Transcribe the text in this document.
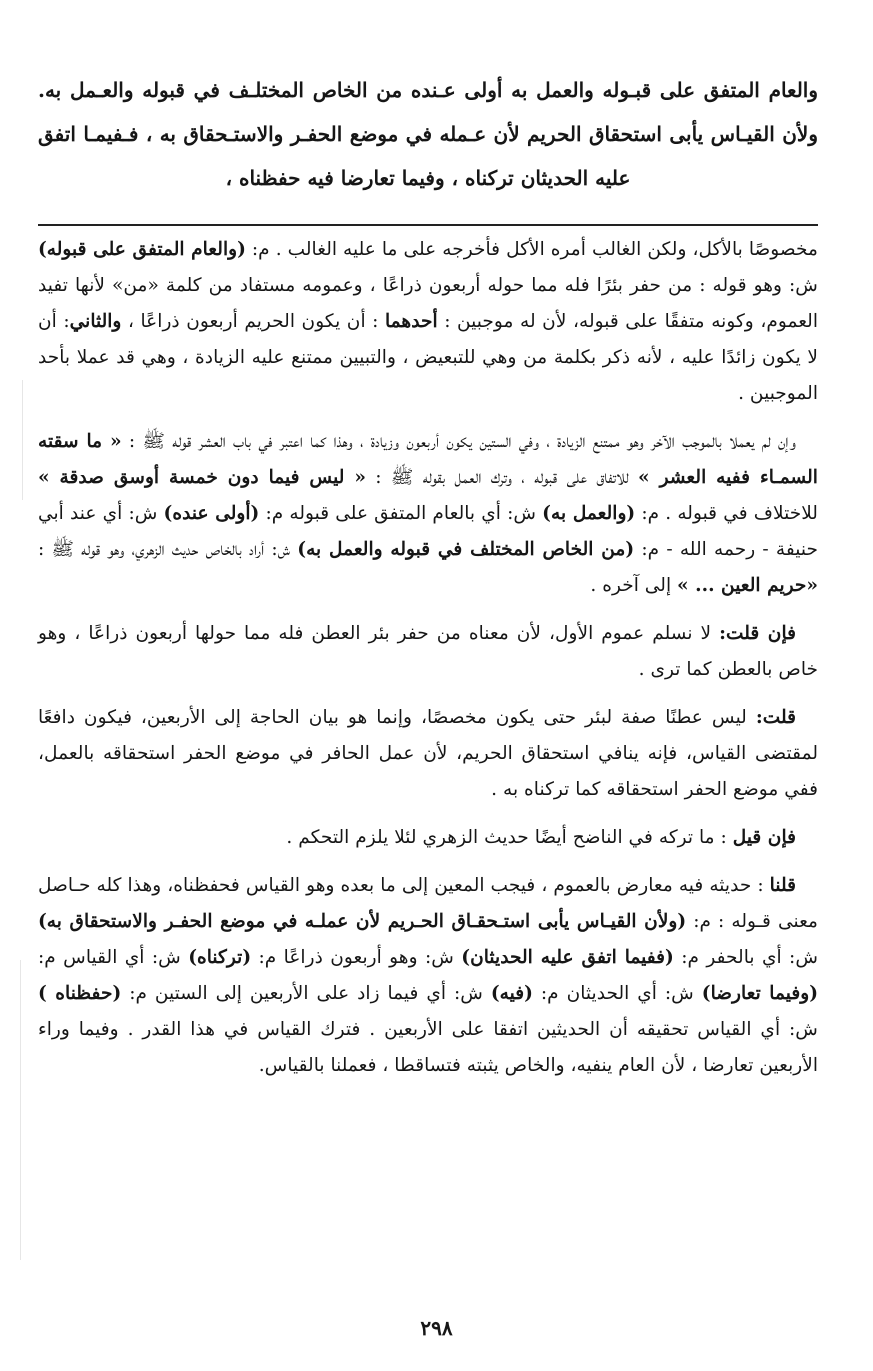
والعام المتفق على قبـوله والعمل به أولى عـنده من الخاص المختلـف في قبوله والعـمل به. ولأن القيـاس يأبى استحقاق الحريم لأن عـمله في موضع الحفـر والاستـحقاق به ، فـفيمـا اتفق عليه الحديثان تركناه ، وفيما تعارضا فيه حفظناه ،

مخصوصًا بالأكل، ولكن الغالب أمره الأكل فأخرجه على ما عليه الغالب . م: (والعام المتفق على قبوله) ش: وهو قوله : من حفر بئرًا فله مما حوله أربعون ذراعًا ، وعمومه مستفاد من كلمة «من» لأنها تفيد العموم، وكونه متفقًا على قبوله، لأن له موجبين : أحدهما : أن يكون الحريم أربعون ذراعًا ، والثاني: أن لا يكون زائدًا عليه ، لأنه ذكر بكلمة من وهي للتبعيض ، والتبيين ممتنع عليه الزيادة ، وهي قد عملا بأحد الموجبين .

وإن لم يعملا بالموجب الآخر وهو ممتنع الزيادة ، وفي الستين يكون أربعون وزيادة ، وهذا كما اعتبر في باب العشر قوله ﷺ : « ما سقته السمـاء ففيه العشر » للاتفاق على قبوله ، وترك العمل بقوله ﷺ : « ليس فيما دون خمسة أوسق صدقة » للاختلاف في قبوله . م: (والعمل به) ش: أي بالعام المتفق على قبوله م: (أولى عنده) ش: أي عند أبي حنيفة - رحمه الله - م: (من الخاص المختلف في قبوله والعمل به) ش: أراد بالخاص حديث الزهري، وهو قوله ﷺ : «حريم العين ... » إلى آخره .

فإن قلت: لا نسلم عموم الأول، لأن معناه من حفر بئر العطن فله مما حولها أربعون ذراعًا ، وهو خاص بالعطن كما ترى .

قلت: ليس عطنًا صفة لبئر حتى يكون مخصصًا، وإنما هو بيان الحاجة إلى الأربعين، فيكون دافعًا لمقتضى القياس، فإنه ينافي استحقاق الحريم، لأن عمل الحافر في موضع الحفر استحقاقه بالعمل، ففي موضع الحفر استحقاقه كما تركناه به .

فإن قيل : ما تركه في الناضح أيضًا حديث الزهري لئلا يلزم التحكم .

قلنا : حديثه فيه معارض بالعموم ، فيجب المعين إلى ما بعده وهو القياس فحفظناه، وهذا كله حـاصل معنى قـوله : م: (ولأن القيـاس يأبى استـحقـاق الحـريم لأن عملـه في موضع الحفـر والاستحقاق به) ش: أي بالحفر م: (ففيما اتفق عليه الحديثان) ش: وهو أربعون ذراعًا م: (تركناه) ش: أي القياس م: (وفيما تعارضا) ش: أي الحديثان م: (فيه) ش: أي فيما زاد على الأربعين إلى الستين م: (حفظناه ) ش: أي القياس تحقيقه أن الحديثين اتفقا على الأربعين . فترك القياس في هذا القدر . وفيما وراء الأربعين تعارضا ، لأن العام ينفيه، والخاص يثبته فتساقطا ، فعملنا بالقياس.

٢٩٨
